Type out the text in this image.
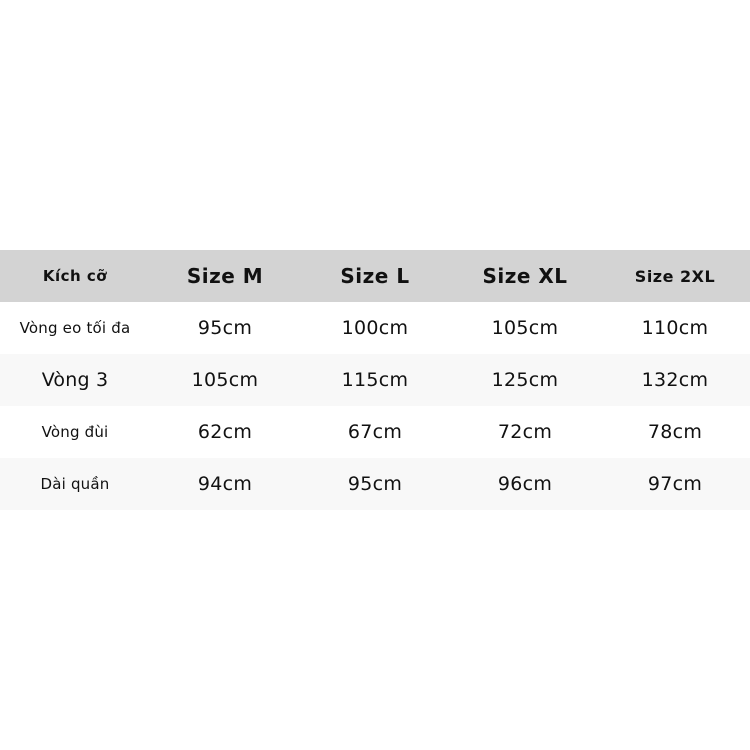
Kích cỡ	Size M	Size L	Size XL	Size 2XL
Vòng eo tối đa	95cm	100cm	105cm	110cm
Vòng 3	105cm	115cm	125cm	132cm
Vòng đùi	62cm	67cm	72cm	78cm
Dài quần	94cm	95cm	96cm	97cm
